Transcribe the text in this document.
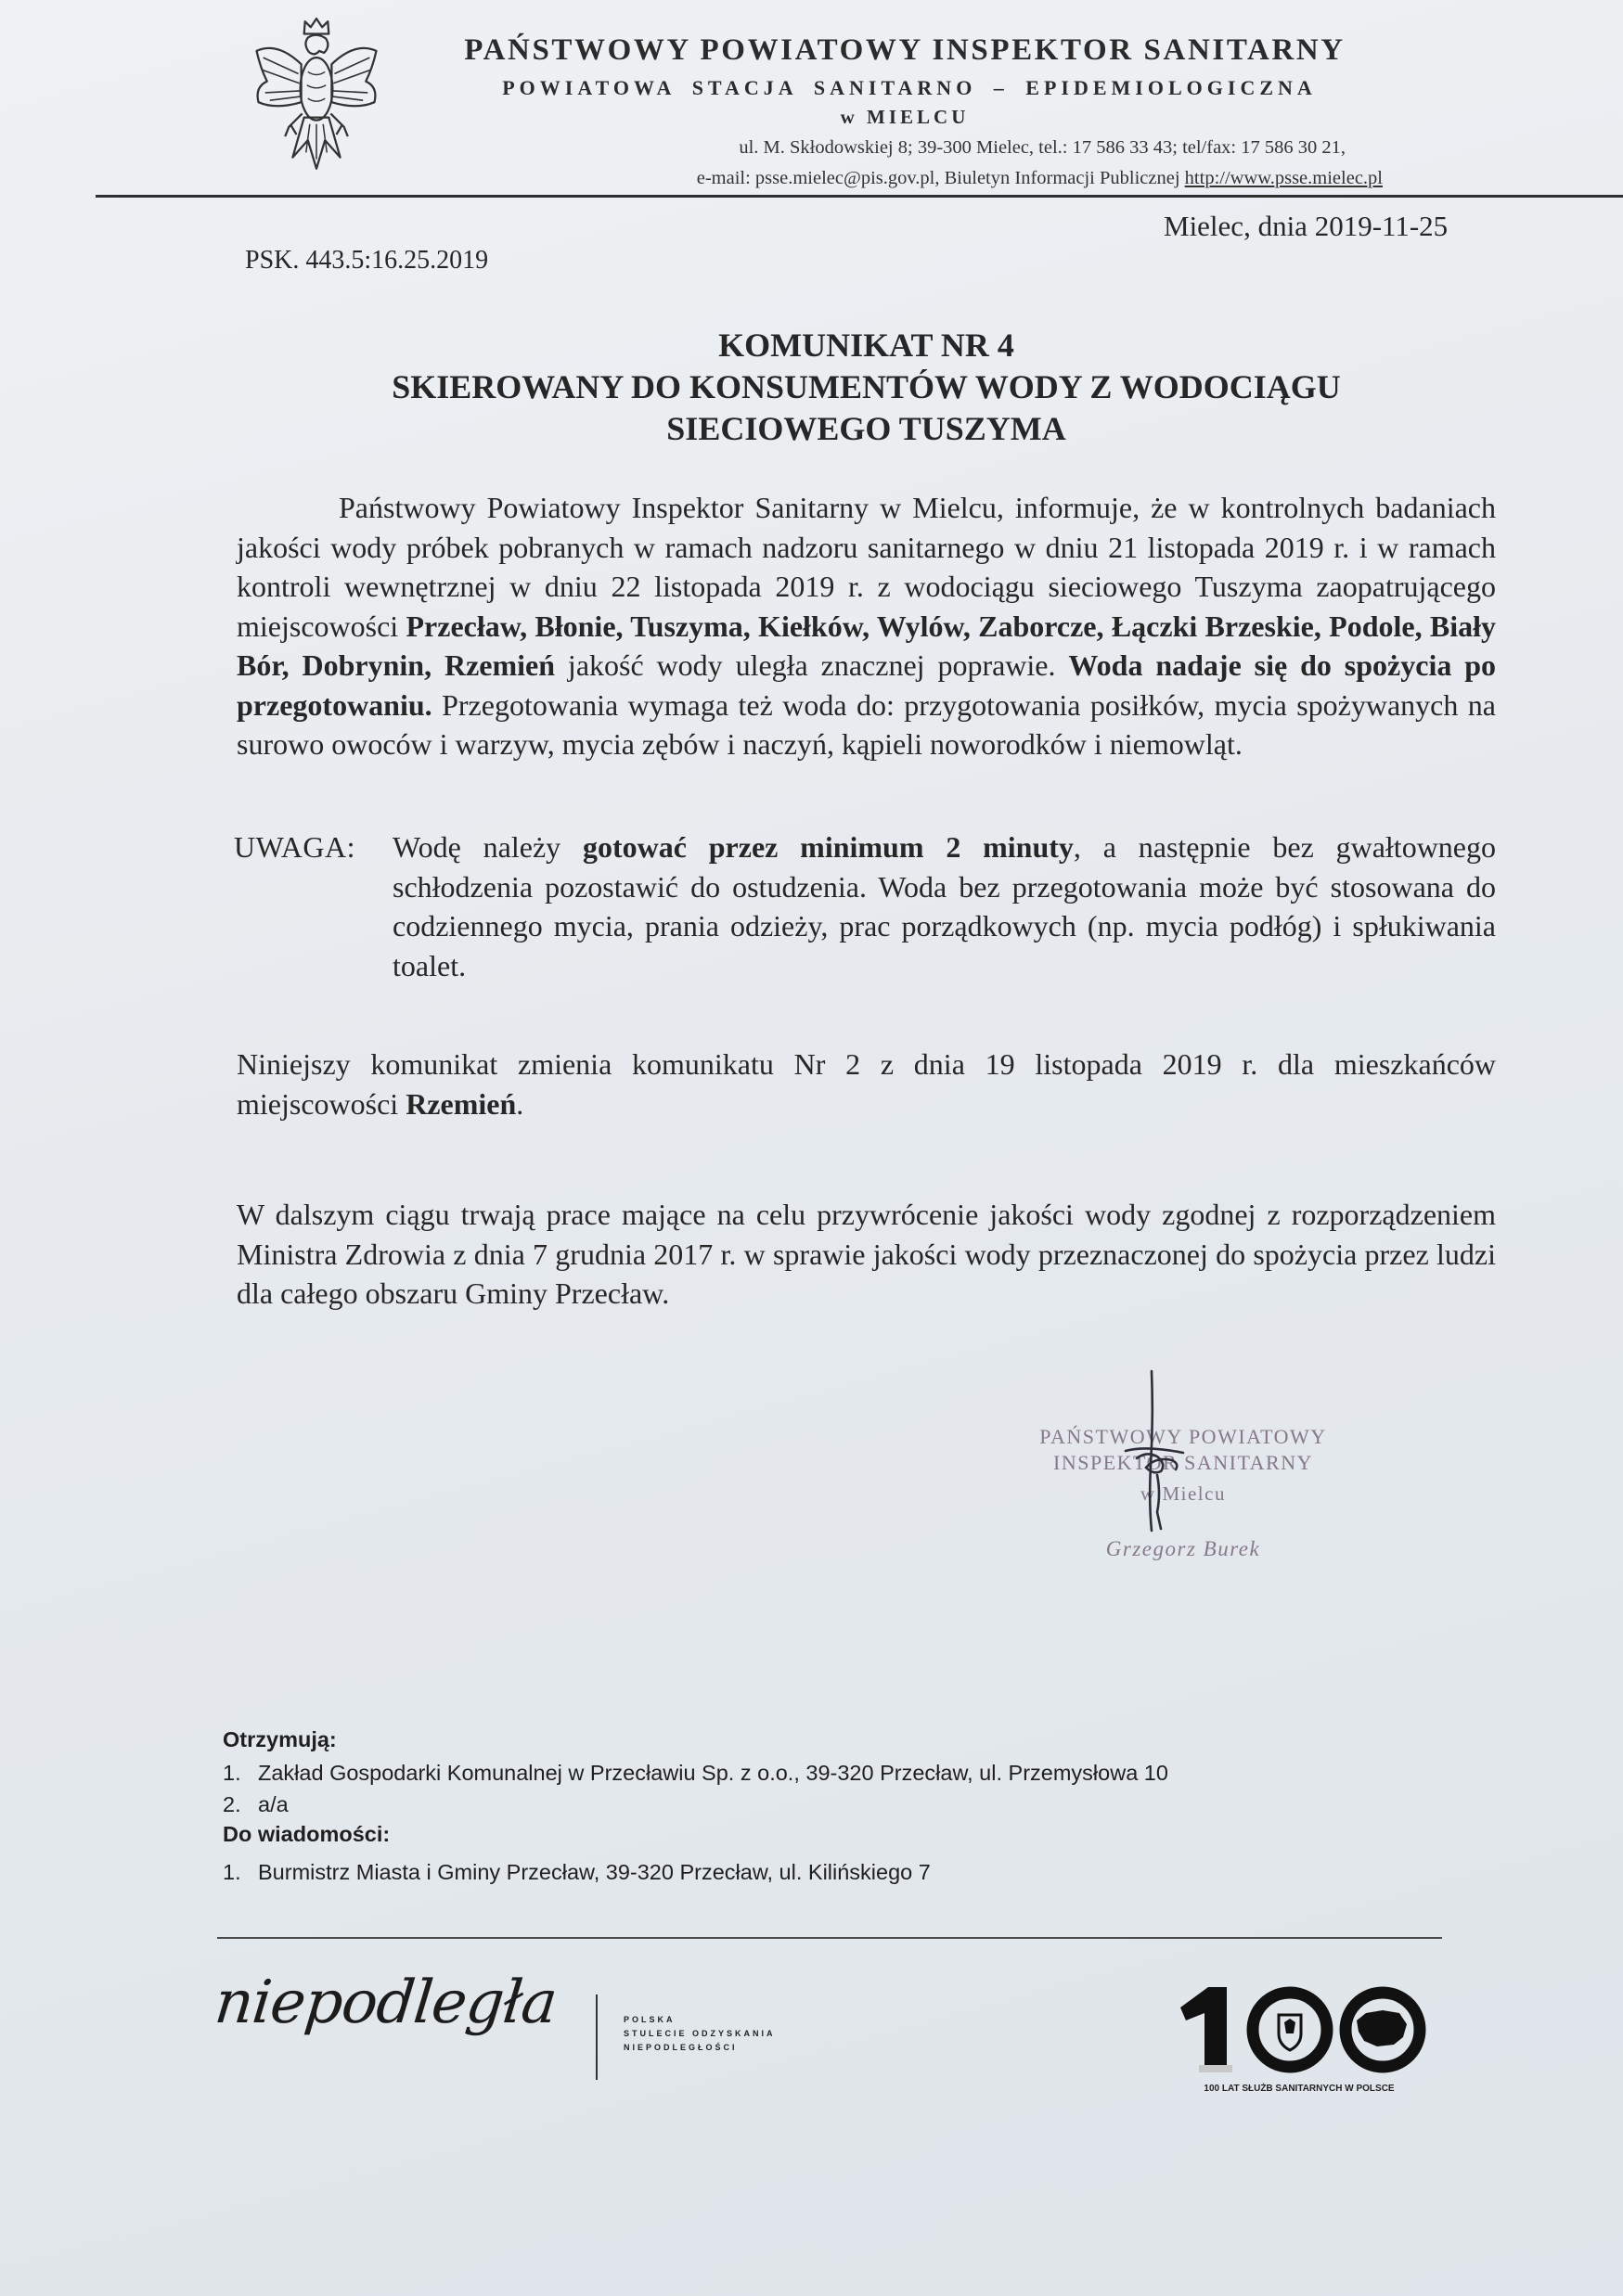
PAŃSTWOWY POWIATOWY INSPEKTOR SANITARNY
POWIATOWA STACJA SANITARNO – EPIDEMIOLOGICZNA
w MIELCU
ul. M. Skłodowskiej 8; 39-300 Mielec, tel.: 17 586 33 43; tel/fax: 17 586 30 21,
e-mail: psse.mielec@pis.gov.pl, Biuletyn Informacji Publicznej http://www.psse.mielec.pl
Mielec, dnia 2019-11-25
PSK. 443.5:16.25.2019
KOMUNIKAT NR 4
SKIEROWANY DO KONSUMENTÓW WODY Z WODOCIĄGU
SIECIOWEGO TUSZYMA
Państwowy Powiatowy Inspektor Sanitarny w Mielcu, informuje, że w kontrolnych badaniach jakości wody próbek pobranych w ramach nadzoru sanitarnego w dniu 21 listopada 2019 r. i w ramach kontroli wewnętrznej w dniu 22 listopada 2019 r. z wodociągu sieciowego Tuszyma zaopatrującego miejscowości Przecław, Błonie, Tuszyma, Kiełków, Wylów, Zaborcze, Łączki Brzeskie, Podole, Biały Bór, Dobrynin, Rzemień jakość wody uległa znacznej poprawie. Woda nadaje się do spożycia po przegotowaniu. Przegotowania wymaga też woda do: przygotowania posiłków, mycia spożywanych na surowo owoców i warzyw, mycia zębów i naczyń, kąpieli noworodków i niemowląt.
UWAGA: Wodę należy gotować przez minimum 2 minuty, a następnie bez gwałtownego schłodzenia pozostawić do ostudzenia. Woda bez przegotowania może być stosowana do codziennego mycia, prania odzieży, prac porządkowych (np. mycia podłóg) i spłukiwania toalet.
Niniejszy komunikat zmienia komunikatu Nr 2 z dnia 19 listopada 2019 r. dla mieszkańców miejscowości Rzemień.
W dalszym ciągu trwają prace mające na celu przywrócenie jakości wody zgodnej z rozporządzeniem Ministra Zdrowia z dnia 7 grudnia 2017 r. w sprawie jakości wody przeznaczonej do spożycia przez ludzi dla całego obszaru Gminy Przecław.
PAŃSTWOWY POWIATOWY
INSPEKTOR SANITARNY
w Mielcu
Grzegorz Burek
Otrzymują:
1. Zakład Gospodarki Komunalnej w Przecławiu Sp. z o.o., 39-320 Przecław, ul. Przemysłowa 10
2. a/a
Do wiadomości:
1. Burmistrz Miasta i Gminy Przecław, 39-320 Przecław, ul. Kilińskiego 7
niepodległa	POLSKA
STULECIE ODZYSKANIA
NIEPODLEGŁOŚCI
100 LAT SŁUŻB SANITARNYCH W POLSCE
